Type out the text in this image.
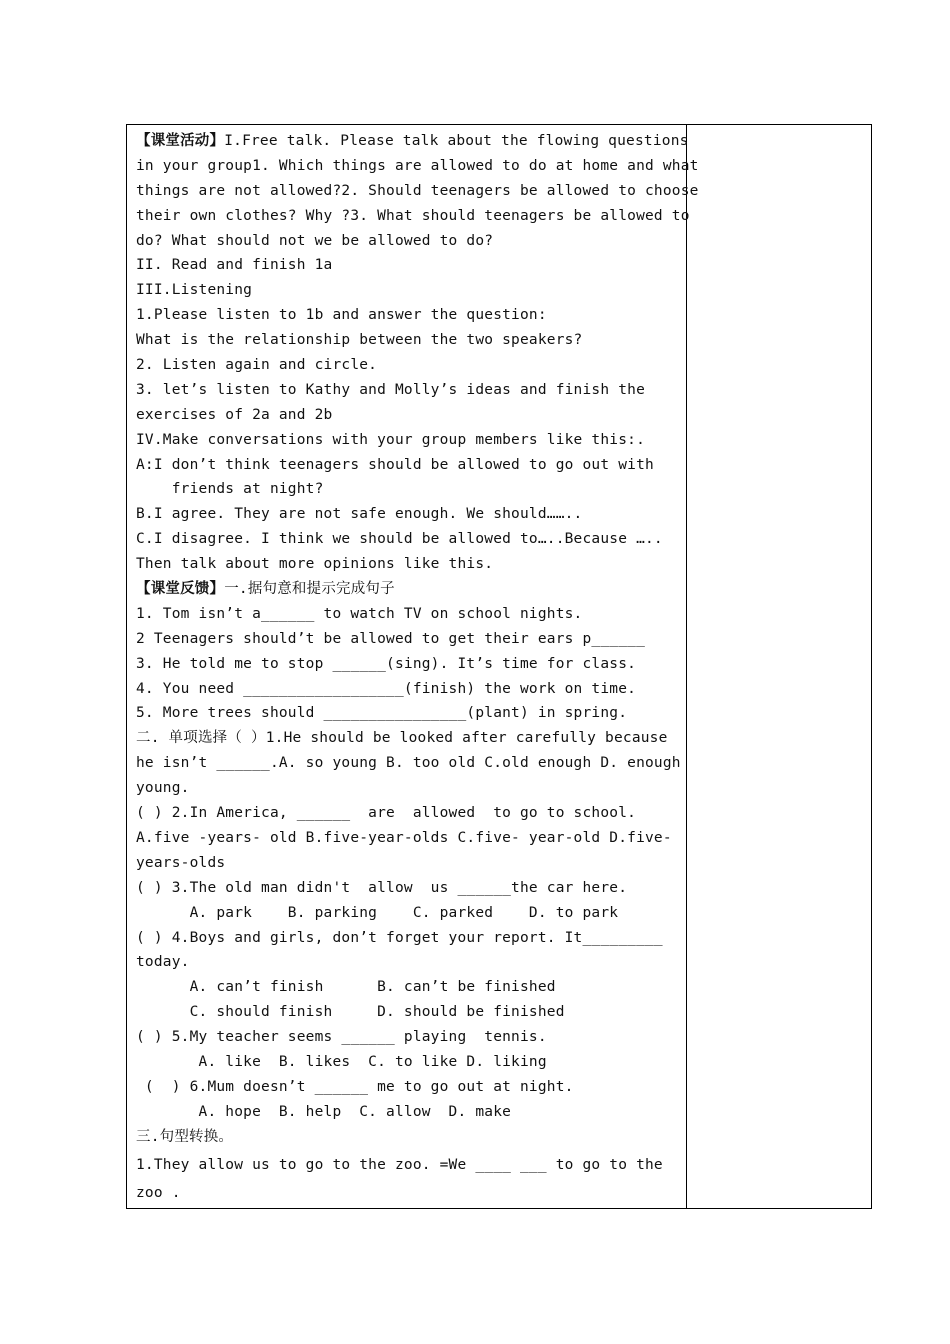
【课堂活动】I.Free talk. Please talk about the flowing questions
in your group1. Which things are allowed to do at home and what
things are not allowed?2. Should teenagers be allowed to choose
their own clothes? Why ?3. What should teenagers be allowed to
do? What should not we be allowed to do?
II. Read and finish 1a
III.Listening
1.Please listen to 1b and answer the question:
What is the relationship between the two speakers?
2. Listen again and circle.
3. let’s listen to Kathy and Molly’s ideas and finish the
exercises of 2a and 2b
IV.Make conversations with your group members like this:.
A:I don’t think teenagers should be allowed to go out with
friends at night?
B.I agree. They are not safe enough. We should……..
C.I disagree. I think we should be allowed to…..Because …..
Then talk about more opinions like this.
【课堂反馈】一.据句意和提示完成句子
1. Tom isn’t a______ to watch TV on school nights.
2 Teenagers should’t be allowed to get their ears p______
3. He told me to stop ______(sing). It’s time for class.
4. You need __________________(finish) the work on time.
5. More trees should ________________(plant) in spring.
二. 单项选择（ ）1.He should be looked after carefully because
he isn’t ______.A. so young B. too old C.old enough D. enough
young.
( ) 2.In America, ______  are  allowed  to go to school.
A.five -years- old B.five-year-olds C.five- year-old D.five-
years-olds
( ) 3.The old man didn't  allow  us ______the car here.
A. park    B. parking    C. parked    D. to park
( ) 4.Boys and girls, don’t forget your report. It_________
today.
A. can’t finish      B. can’t be finished
C. should finish     D. should be finished
( ) 5.My teacher seems ______ playing  tennis.
A. like  B. likes  C. to like D. liking
(  ) 6.Mum doesn’t ______ me to go out at night.
A. hope  B. help  C. allow  D. make
三.句型转换。
1.They allow us to go to the zoo. =We ____ ___ to go to the
zoo .
